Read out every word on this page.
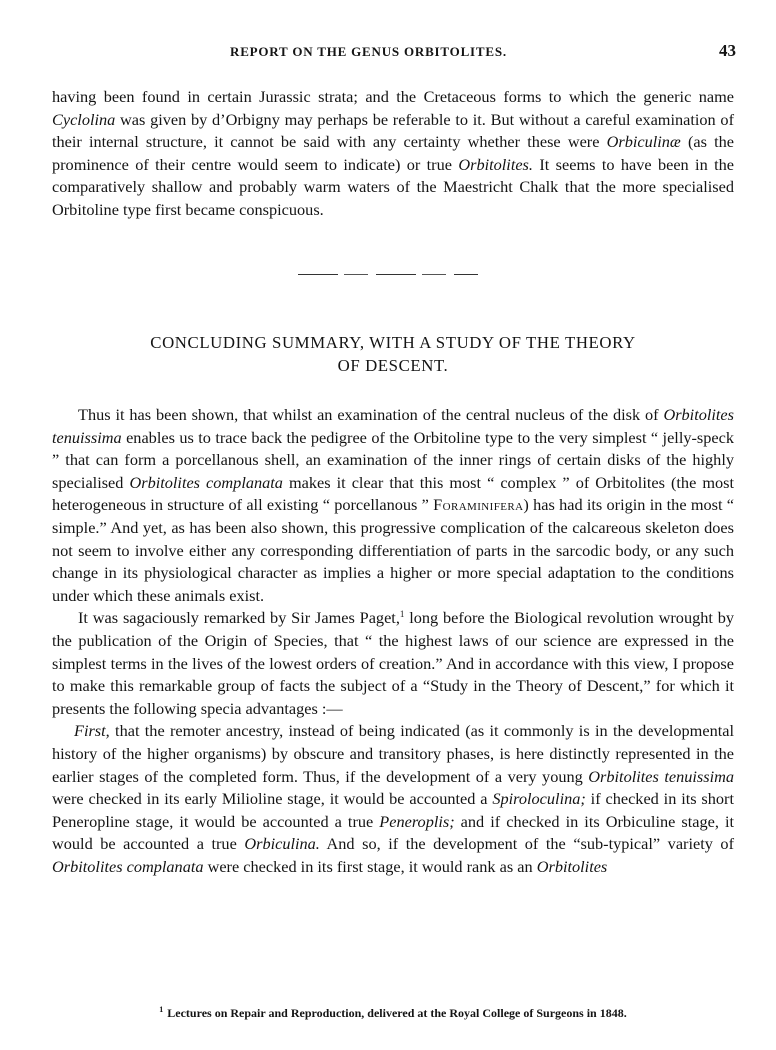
REPORT ON THE GENUS ORBITOLITES.	43

having been found in certain Jurassic strata; and the Cretaceous forms to which the generic name Cyclolina was given by d’Orbigny may perhaps be referable to it. But without a careful examination of their internal structure, it cannot be said with any certainty whether these were Orbiculinæ (as the prominence of their centre would seem to indicate) or true Orbitolites. It seems to have been in the comparatively shallow and probably warm waters of the Maestricht Chalk that the more specialised Orbitoline type first became conspicuous.

CONCLUDING SUMMARY, WITH A STUDY OF THE THEORY
OF DESCENT.

Thus it has been shown, that whilst an examination of the central nucleus of the disk of Orbitolites tenuissima enables us to trace back the pedigree of the Orbitoline type to the very simplest “ jelly-speck ” that can form a porcellanous shell, an examination of the inner rings of certain disks of the highly specialised Orbitolites complanata makes it clear that this most “ complex ” of Orbitolites (the most heterogeneous in structure of all existing “ porcellanous ” Foraminifera) has had its origin in the most “ simple.” And yet, as has been also shown, this progressive complication of the calcareous skeleton does not seem to involve either any corresponding differentiation of parts in the sarcodic body, or any such change in its physiological character as implies a higher or more special adaptation to the conditions under which these animals exist.

It was sagaciously remarked by Sir James Paget,$^1$ long before the Biological revolution wrought by the publication of the Origin of Species, that “ the highest laws of our science are expressed in the simplest terms in the lives of the lowest orders of creation.” And in accordance with this view, I propose to make this remarkable group of facts the subject of a “Study in the Theory of Descent,” for which it presents the following specia advantages :—

First, that the remoter ancestry, instead of being indicated (as it commonly is in the developmental history of the higher organisms) by obscure and transitory phases, is here distinctly represented in the earlier stages of the completed form. Thus, if the development of a very young Orbitolites tenuissima were checked in its early Milioline stage, it would be accounted a Spiroloculina; if checked in its short Peneropline stage, it would be accounted a true Peneroplis; and if checked in its Orbiculine stage, it would be accounted a true Orbiculina. And so, if the development of the “sub-typical” variety of Orbitolites complanata were checked in its first stage, it would rank as an Orbitolites

$^1$ Lectures on Repair and Reproduction, delivered at the Royal College of Surgeons in 1848.
